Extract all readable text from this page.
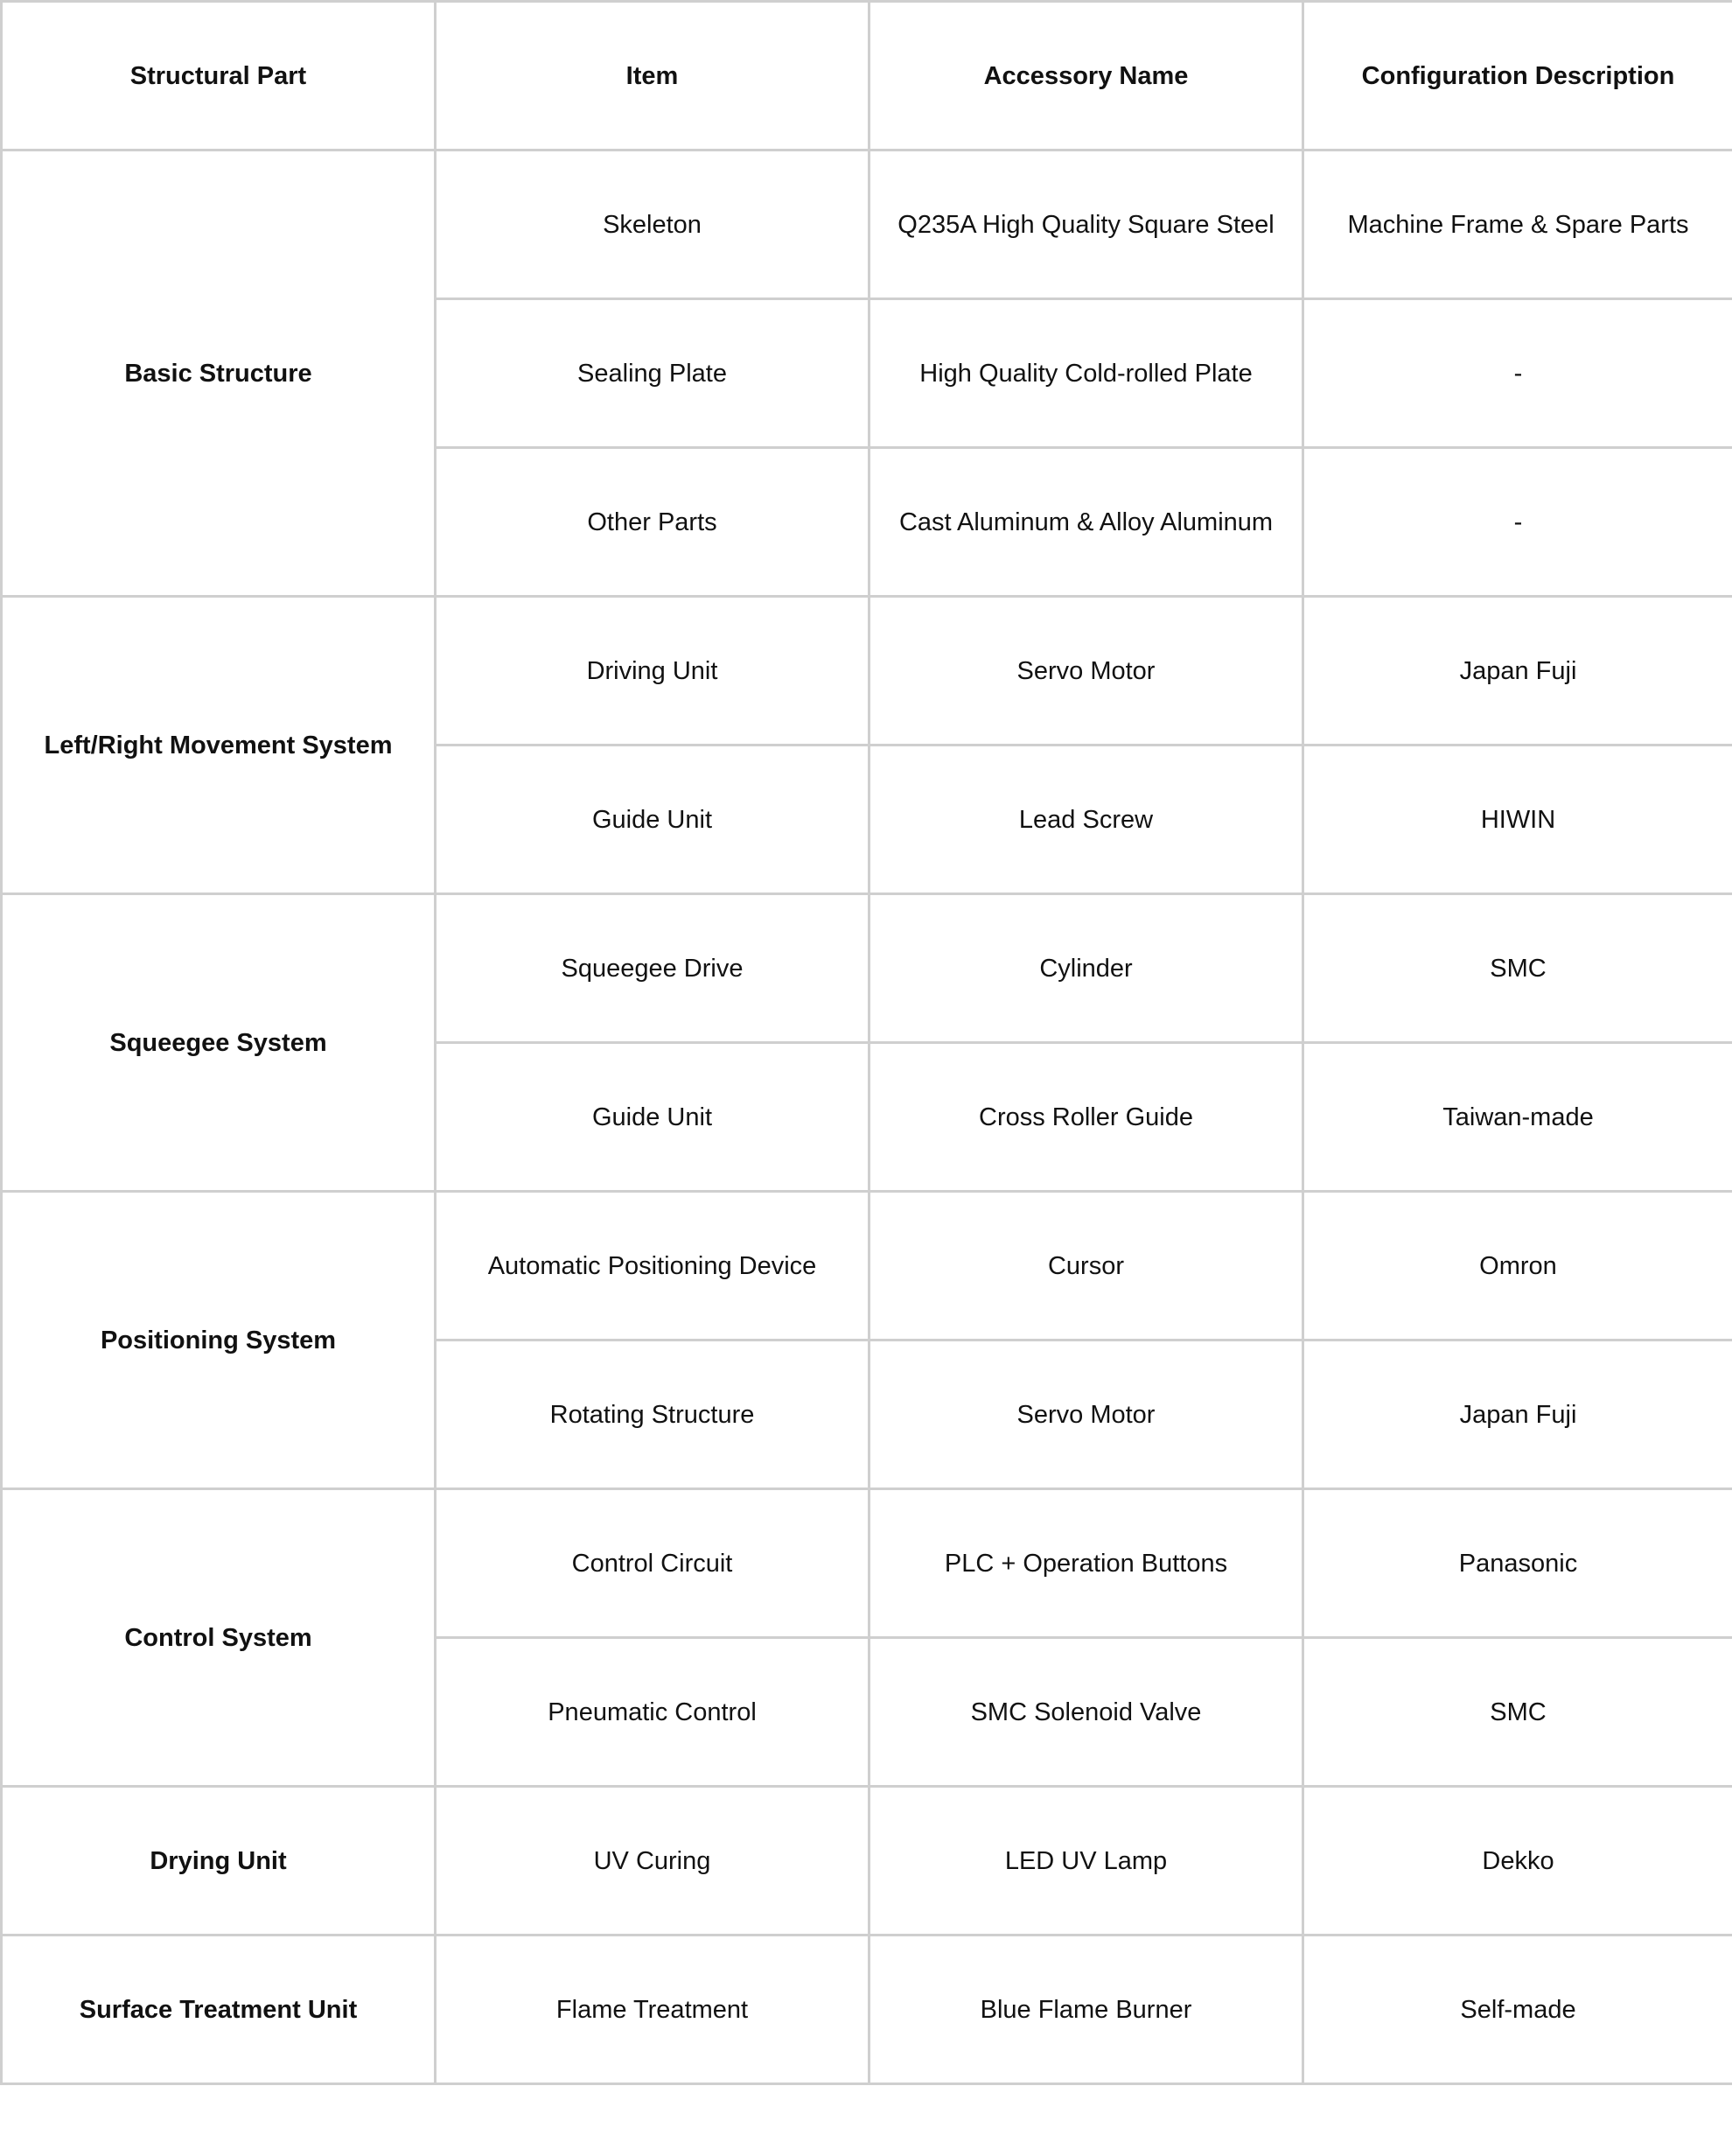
Structural Part	Item	Accessory Name	Configuration Description
Basic Structure	Skeleton	Q235A High Quality Square Steel	Machine Frame & Spare Parts
	Sealing Plate	High Quality Cold-rolled Plate	-
	Other Parts	Cast Aluminum & Alloy Aluminum	-
Left/Right Movement System	Driving Unit	Servo Motor	Japan Fuji
	Guide Unit	Lead Screw	HIWIN
Squeegee System	Squeegee Drive	Cylinder	SMC
	Guide Unit	Cross Roller Guide	Taiwan-made
Positioning System	Automatic Positioning Device	Cursor	Omron
	Rotating Structure	Servo Motor	Japan Fuji
Control System	Control Circuit	PLC + Operation Buttons	Panasonic
	Pneumatic Control	SMC Solenoid Valve	SMC
Drying Unit	UV Curing	LED UV Lamp	Dekko
Surface Treatment Unit	Flame Treatment	Blue Flame Burner	Self-made
